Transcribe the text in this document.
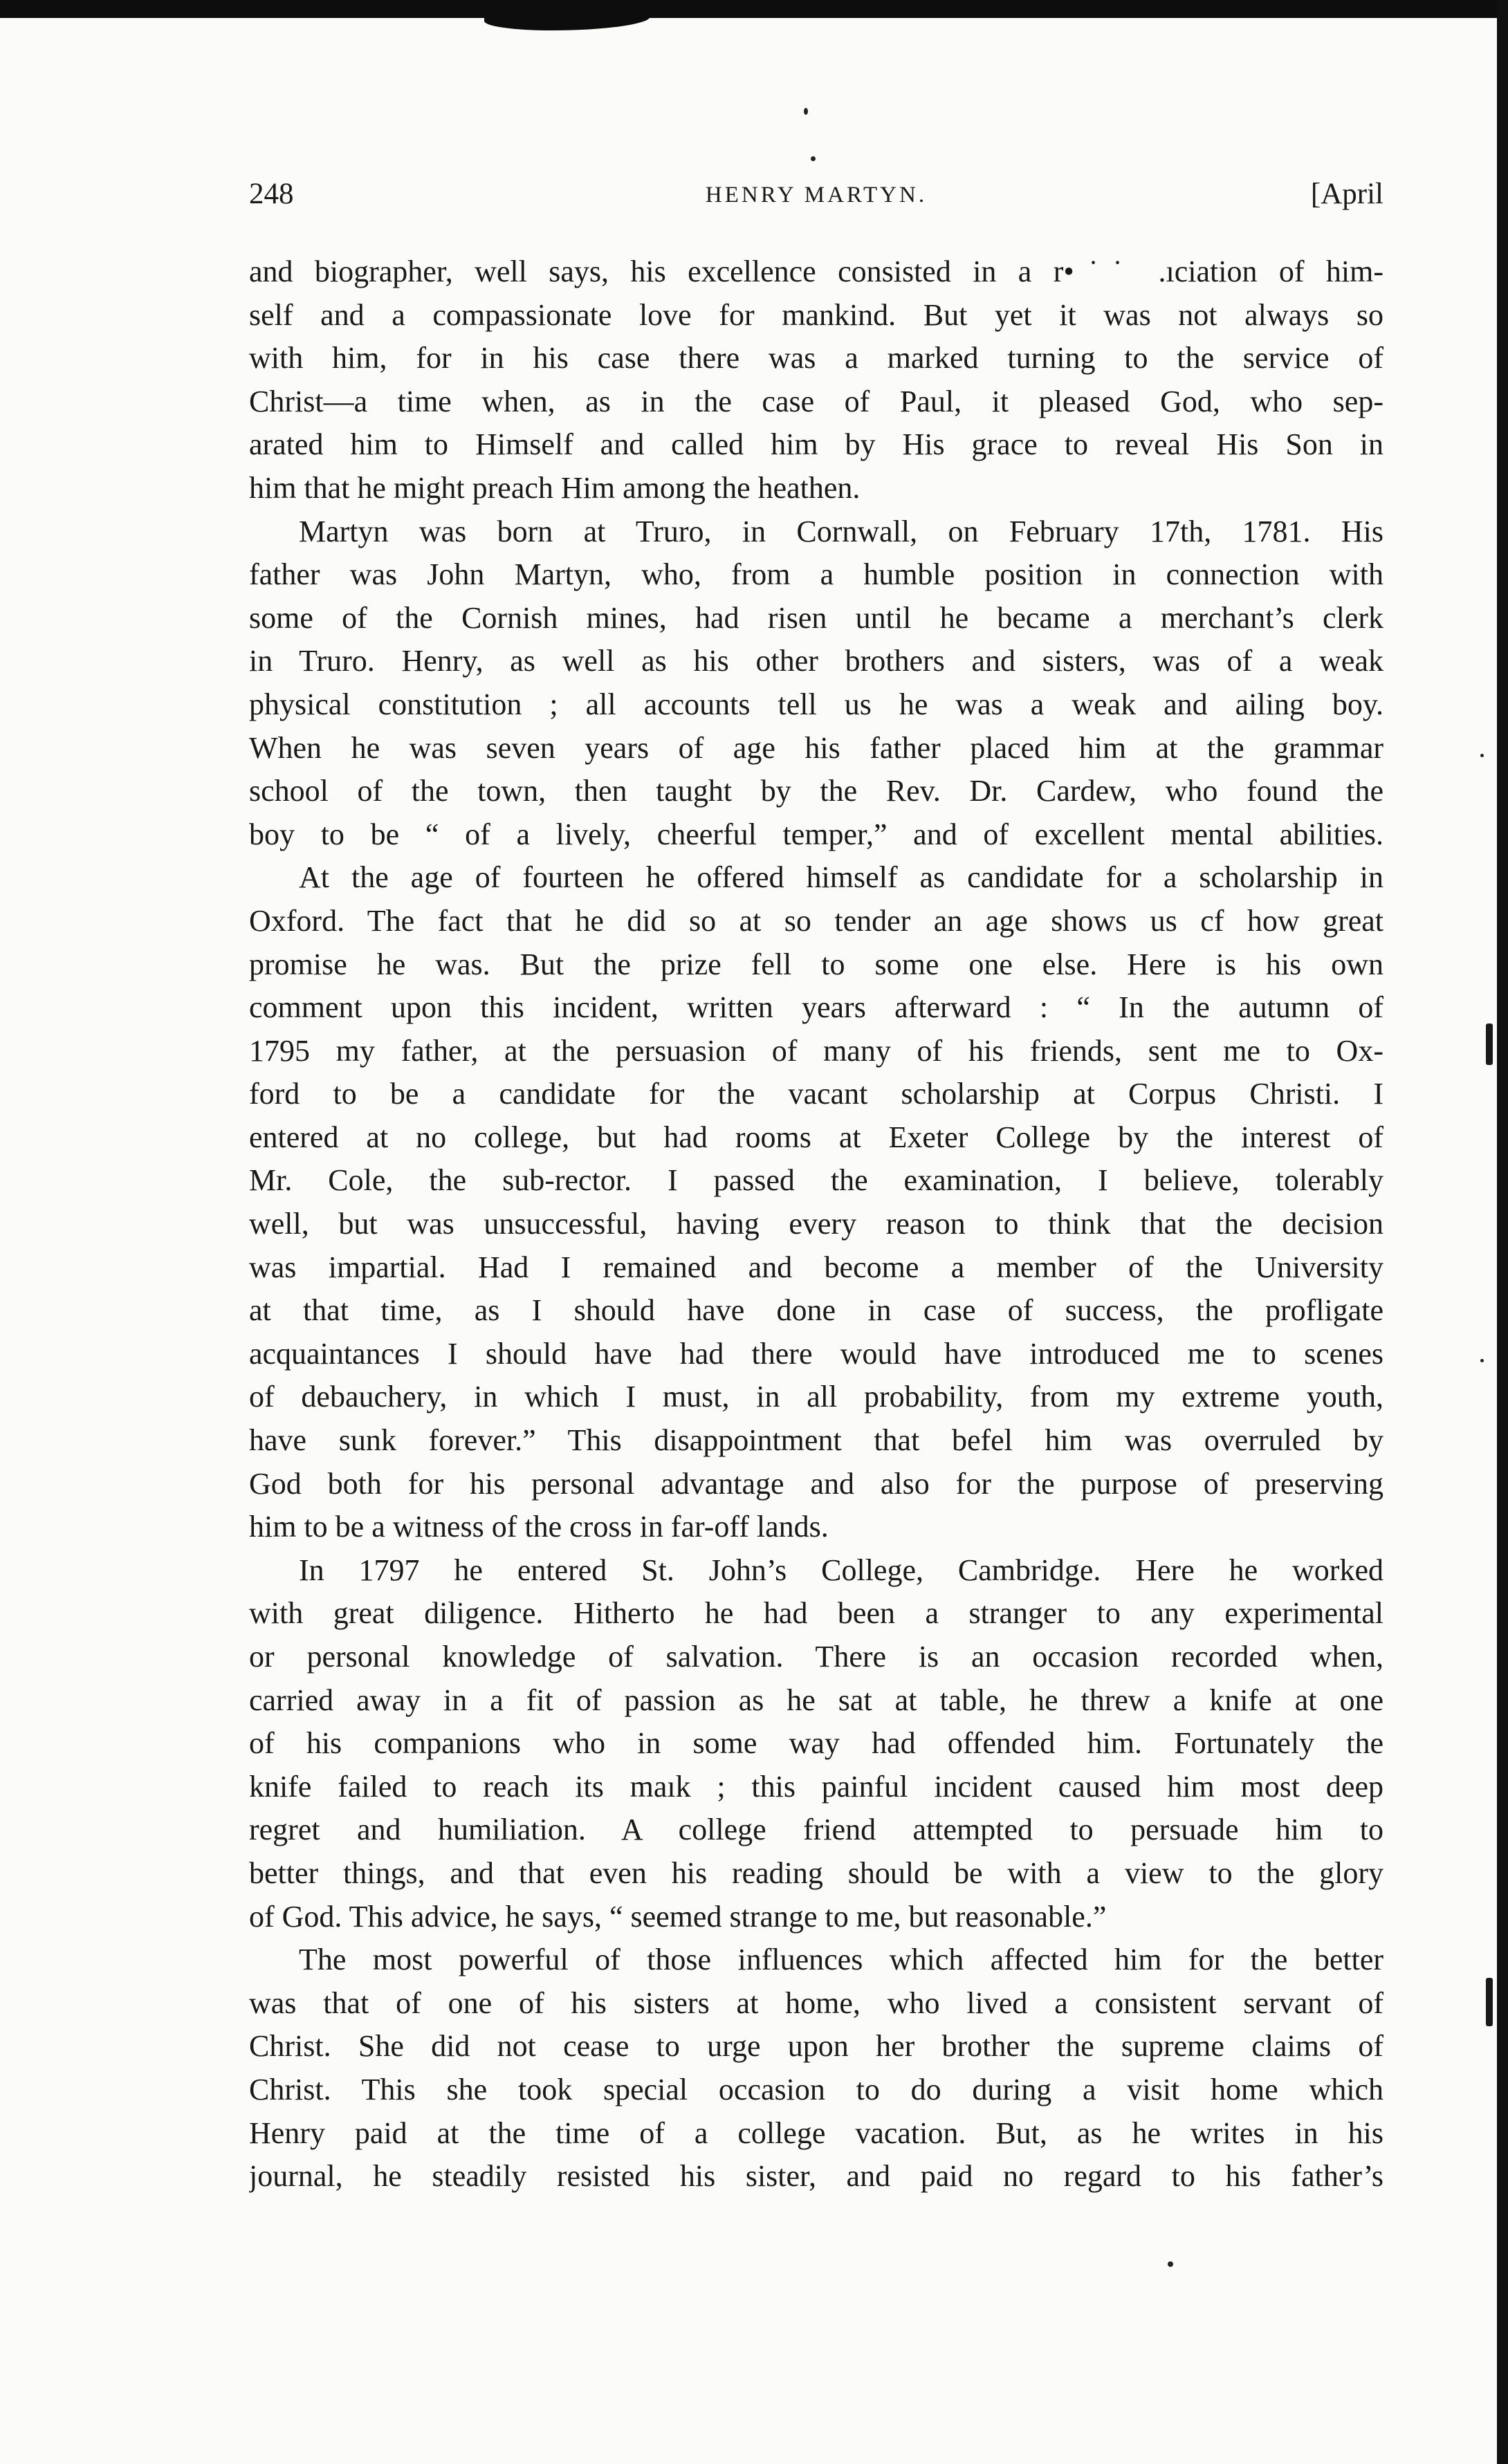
248	HENRY MARTYN.	[April
and biographer, well says, his excellence consisted in a r•˙˙ .ıciation of him-
self and a compassionate love for mankind. But yet it was not always so
with him, for in his case there was a marked turning to the service of
Christ—a time when, as in the case of Paul, it pleased God, who sep-
arated him to Himself and called him by His grace to reveal His Son in
him that he might preach Him among the heathen.
Martyn was born at Truro, in Cornwall, on February 17th, 1781. His
father was John Martyn, who, from a humble position in connection with
some of the Cornish mines, had risen until he became a merchant’s clerk
in Truro. Henry, as well as his other brothers and sisters, was of a weak
physical constitution ; all accounts tell us he was a weak and ailing boy.
When he was seven years of age his father placed him at the grammar
school of the town, then taught by the Rev. Dr. Cardew, who found the
boy to be “ of a lively, cheerful temper,” and of excellent mental abilities.
At the age of fourteen he offered himself as candidate for a scholarship in
Oxford. The fact that he did so at so tender an age shows us cf how great
promise he was. But the prize fell to some one else. Here is his own
comment upon this incident, written years afterward : “ In the autumn of
1795 my father, at the persuasion of many of his friends, sent me to Ox-
ford to be a candidate for the vacant scholarship at Corpus Christi. I
entered at no college, but had rooms at Exeter College by the interest of
Mr. Cole, the sub-rector. I passed the examination, I believe, tolerably
well, but was unsuccessful, having every reason to think that the decision
was impartial. Had I remained and become a member of the University
at that time, as I should have done in case of success, the profligate
acquaintances I should have had there would have introduced me to scenes
of debauchery, in which I must, in all probability, from my extreme youth,
have sunk forever.” This disappointment that befel him was overruled by
God both for his personal advantage and also for the purpose of preserving
him to be a witness of the cross in far-off lands.
In 1797 he entered St. John’s College, Cambridge. Here he worked
with great diligence. Hitherto he had been a stranger to any experimental
or personal knowledge of salvation. There is an occasion recorded when,
carried away in a fit of passion as he sat at table, he threw a knife at one
of his companions who in some way had offended him. Fortunately the
knife failed to reach its maık ; this painful incident caused him most deep
regret and humiliation. A college friend attempted to persuade him to
better things, and that even his reading should be with a view to the glory
of God. This advice, he says, “ seemed strange to me, but reasonable.”
The most powerful of those influences which affected him for the better
was that of one of his sisters at home, who lived a consistent servant of
Christ. She did not cease to urge upon her brother the supreme claims of
Christ. This she took special occasion to do during a visit home which
Henry paid at the time of a college vacation. But, as he writes in his
journal, he steadily resisted his sister, and paid no regard to his father’s
